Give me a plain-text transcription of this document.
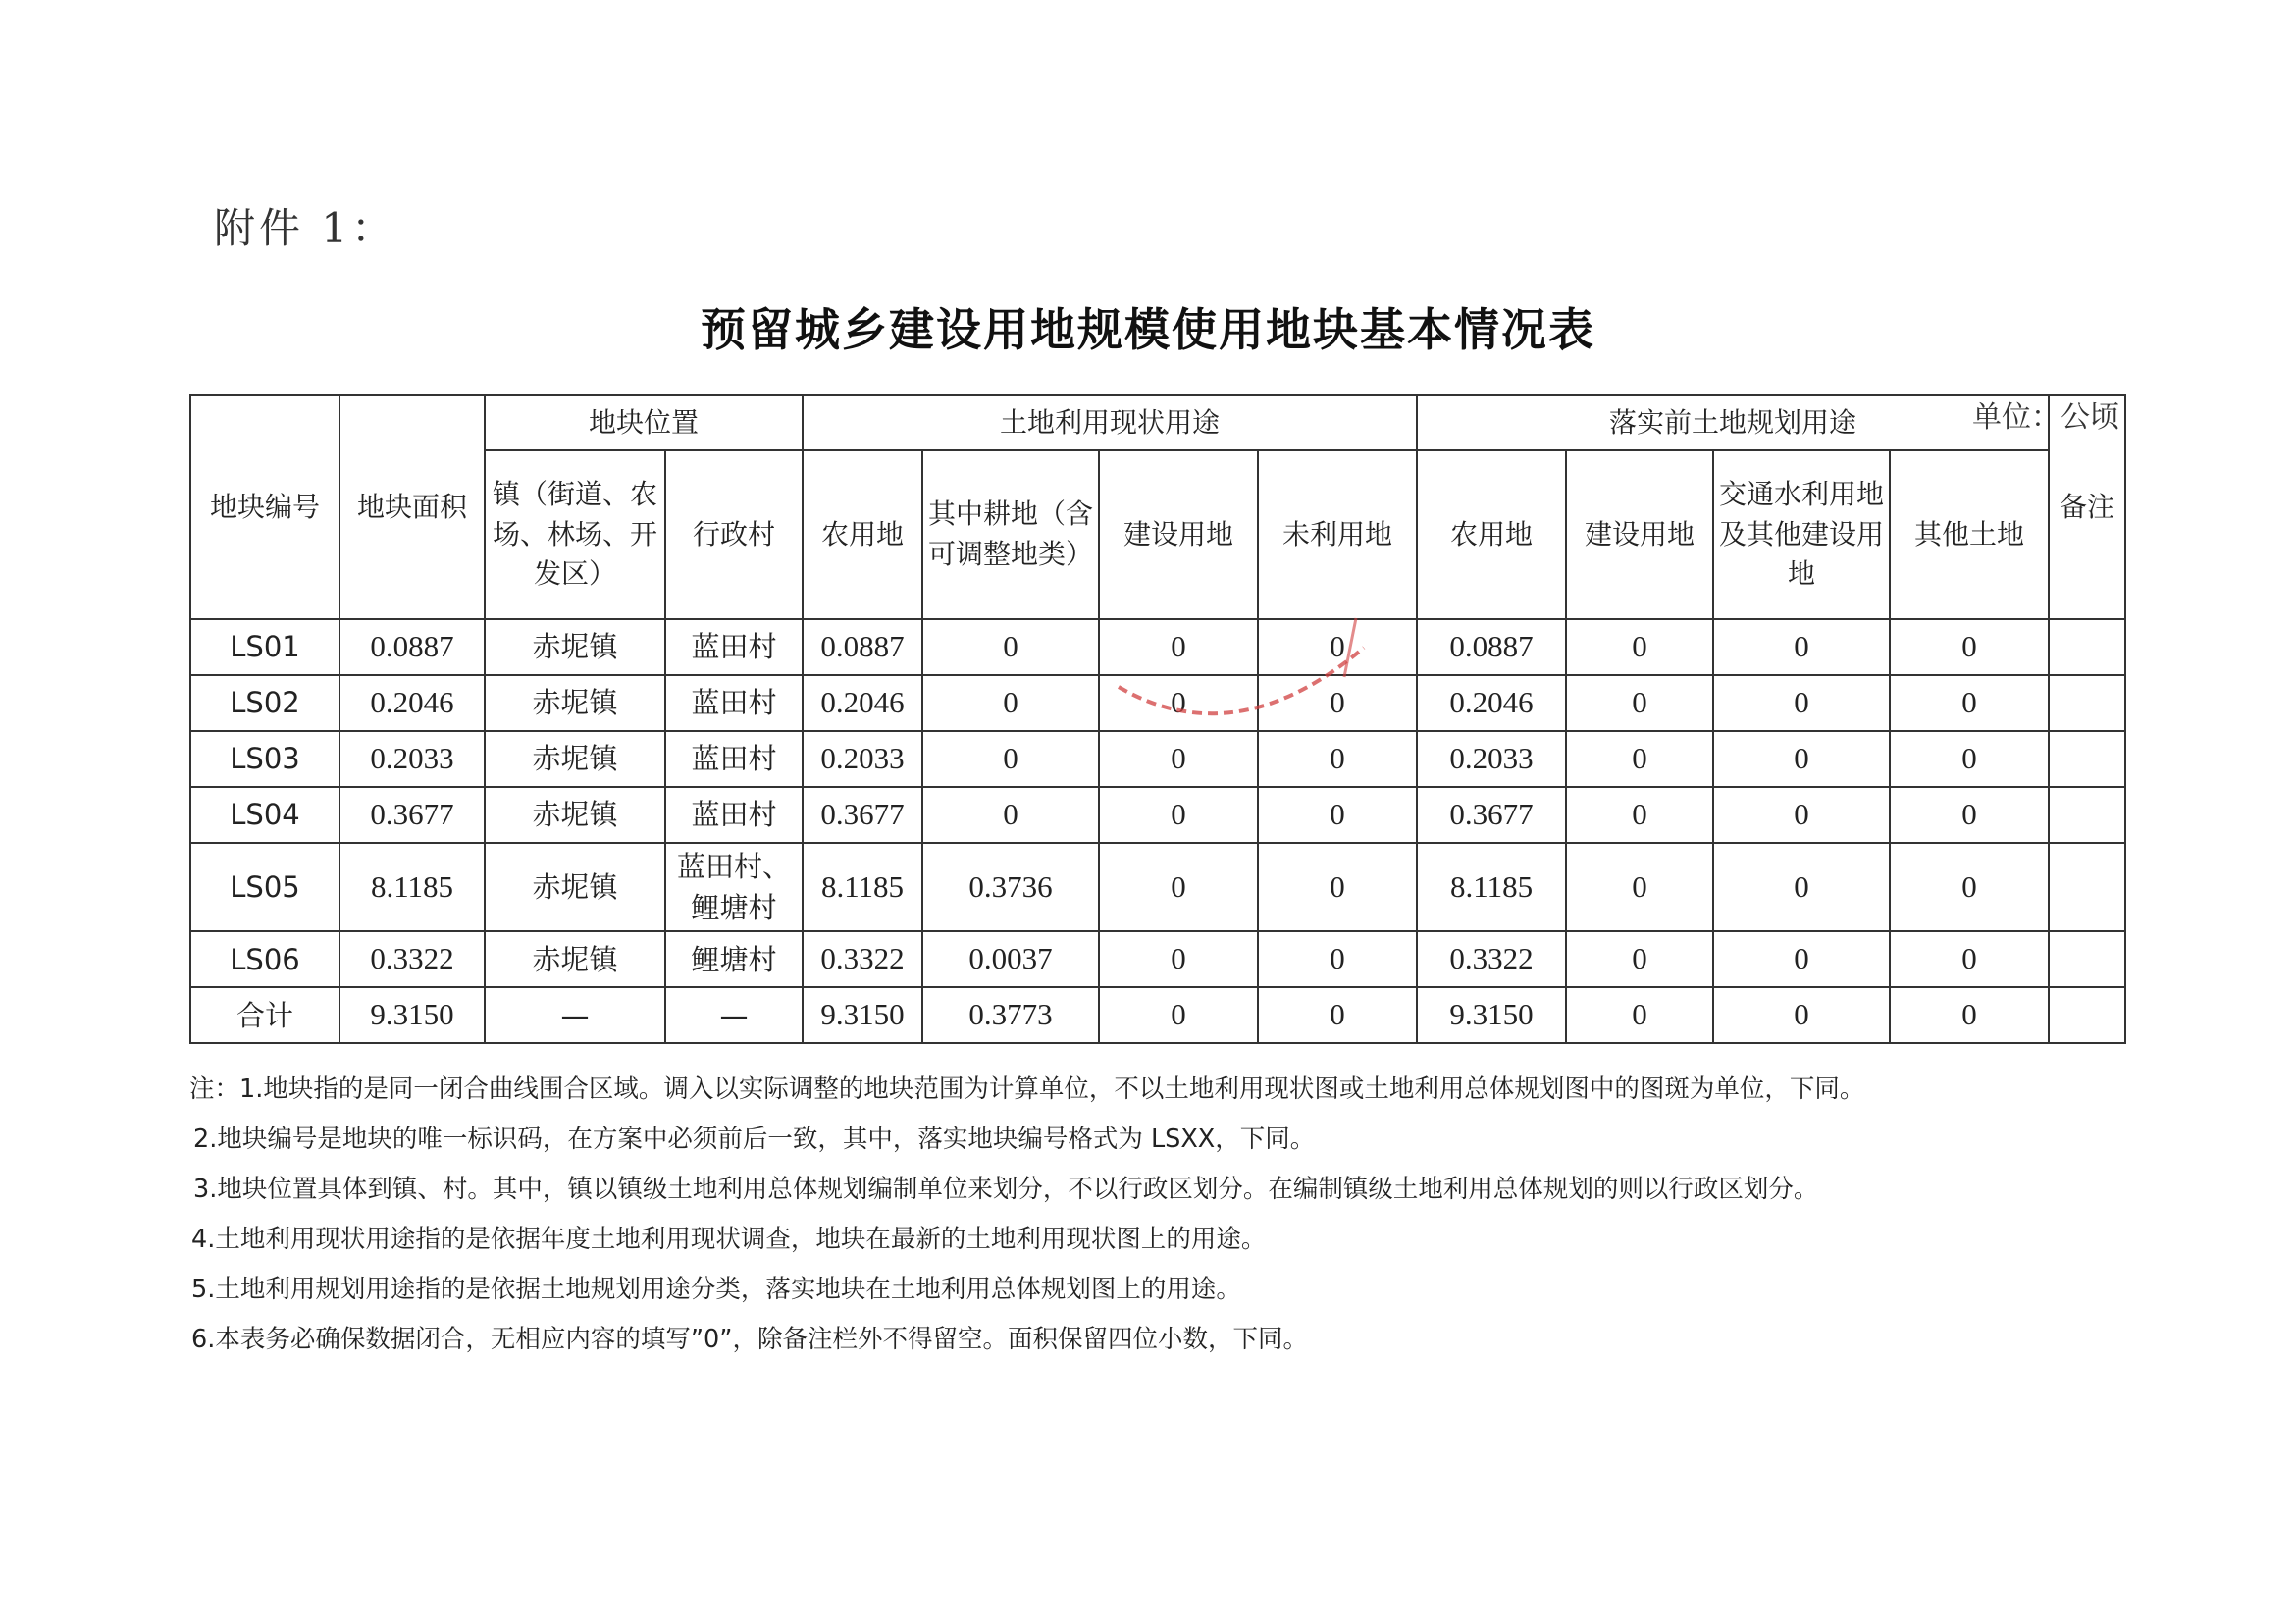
附件 1：
预留城乡建设用地规模使用地块基本情况表
单位：公顷
地块编号	地块面积	地块位置		土地利用现状用途				落实前土地规划用途				备注
		镇（街道、农场、林场、开发区）	行政村	农用地	其中耕地（含可调整地类）	建设用地	未利用地	农用地	建设用地	交通水利用地及其他建设用地	其他土地	
LS01	0.0887	赤坭镇	蓝田村	0.0887	0	0	0	0.0887	0	0	0	
LS02	0.2046	赤坭镇	蓝田村	0.2046	0	0	0	0.2046	0	0	0	
LS03	0.2033	赤坭镇	蓝田村	0.2033	0	0	0	0.2033	0	0	0	
LS04	0.3677	赤坭镇	蓝田村	0.3677	0	0	0	0.3677	0	0	0	
LS05	8.1185	赤坭镇	蓝田村、鲤塘村	8.1185	0.3736	0	0	8.1185	0	0	0	
LS06	0.3322	赤坭镇	鲤塘村	0.3322	0.0037	0	0	0.3322	0	0	0	
合计	9.3150	—	—	9.3150	0.3773	0	0	9.3150	0	0	0	
注：1.地块指的是同一闭合曲线围合区域。调入以实际调整的地块范围为计算单位，不以土地利用现状图或土地利用总体规划图中的图斑为单位，下同。
2.地块编号是地块的唯一标识码，在方案中必须前后一致，其中，落实地块编号格式为 LSXX，下同。
3.地块位置具体到镇、村。其中，镇以镇级土地利用总体规划编制单位来划分，不以行政区划分。在编制镇级土地利用总体规划的则以行政区划分。
4.土地利用现状用途指的是依据年度土地利用现状调查，地块在最新的土地利用现状图上的用途。
5.土地利用规划用途指的是依据土地规划用途分类，落实地块在土地利用总体规划图上的用途。
6.本表务必确保数据闭合，无相应内容的填写”0”，除备注栏外不得留空。面积保留四位小数，下同。
